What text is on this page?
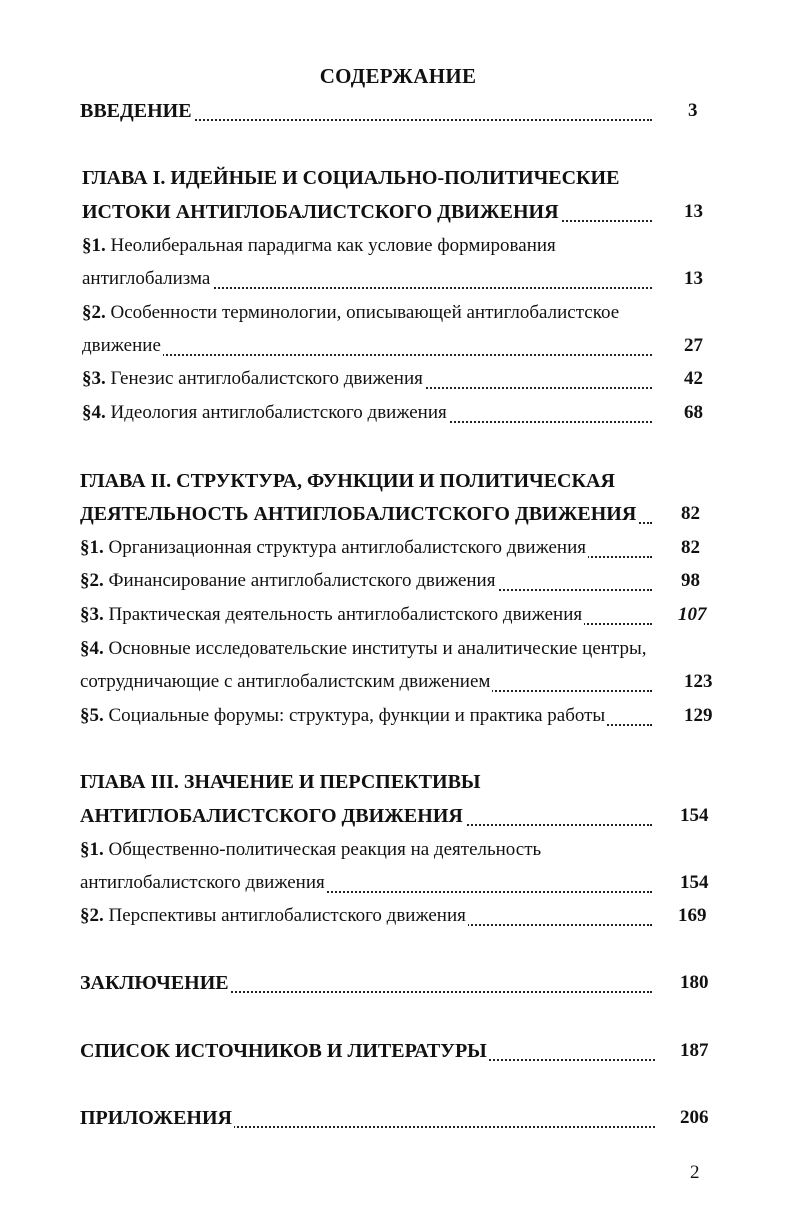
СОДЕРЖАНИЕ
ВВЕДЕНИЕ	3
ГЛАВА I. ИДЕЙНЫЕ И СОЦИАЛЬНО-ПОЛИТИЧЕСКИЕ
ИСТОКИ АНТИГЛОБАЛИСТСКОГО ДВИЖЕНИЯ	13
§1. Неолиберальная парадигма как условие формирования
антиглобализма	13
§2. Особенности терминологии, описывающей антиглобалистское
движение	27
§3. Генезис антиглобалистского движения	42
§4. Идеология антиглобалистского движения	68
ГЛАВА II. СТРУКТУРА, ФУНКЦИИ И ПОЛИТИЧЕСКАЯ
ДЕЯТЕЛЬНОСТЬ АНТИГЛОБАЛИСТСКОГО ДВИЖЕНИЯ	82
§1. Организационная структура антиглобалистского движения	82
§2. Финансирование антиглобалистского движения	98
§3. Практическая деятельность антиглобалистского движения	107
§4. Основные исследовательские институты и аналитические центры,
сотрудничающие с антиглобалистским движением	123
§5. Социальные форумы: структура, функции и практика работы	129
ГЛАВА III. ЗНАЧЕНИЕ И ПЕРСПЕКТИВЫ
АНТИГЛОБАЛИСТСКОГО ДВИЖЕНИЯ	154
§1. Общественно-политическая реакция на деятельность
антиглобалистского движения	154
§2. Перспективы антиглобалистского движения	169
ЗАКЛЮЧЕНИЕ	180
СПИСОК ИСТОЧНИКОВ И ЛИТЕРАТУРЫ	187
ПРИЛОЖЕНИЯ	206
2
